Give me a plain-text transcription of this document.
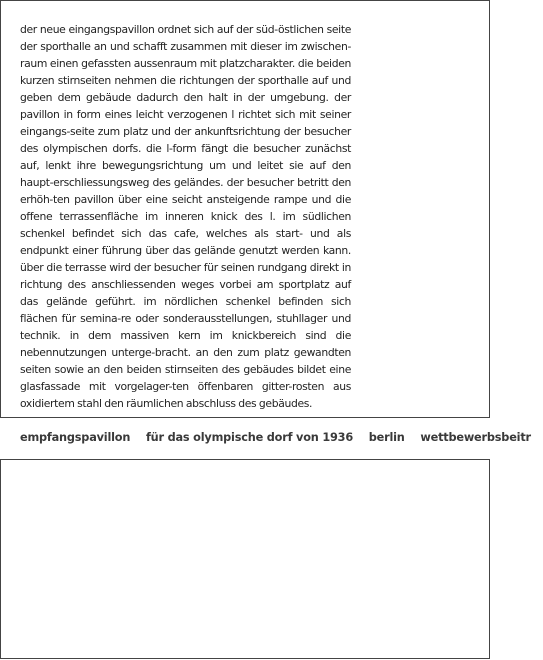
der neue eingangspavillon ordnet sich auf der süd-östlichen seite der sporthalle an und schafft zusammen mit dieser im zwischen-raum einen gefassten aussenraum mit platzcharakter. die beiden kurzen stirnseiten nehmen die richtungen der sporthalle auf und geben dem gebäude dadurch den halt in der umgebung. der pavillon in form eines leicht verzogenen l richtet sich mit seiner eingangs-seite zum platz und der ankunftsrichtung der besucher des olympischen dorfs. die l-form fängt die besucher zunächst auf, lenkt ihre bewegungsrichtung um und leitet sie auf den haupt-erschliessungsweg des geländes. der besucher betritt den erhöh-ten pavillon über eine seicht ansteigende rampe und die offene terrassenfläche im inneren knick des l. im südlichen schenkel befindet sich das cafe, welches als start- und als endpunkt einer führung über das gelände genutzt werden kann. über die terrasse wird der besucher für seinen rundgang direkt in richtung des anschliessenden weges vorbei am sportplatz auf das gelände geführt. im nördlichen schenkel befinden sich flächen für semina-re oder sonderausstellungen, stuhllager und technik. in dem massiven kern im knickbereich sind die nebennutzungen unterge-bracht. an den zum platz gewandten seiten sowie an den beiden stirnseiten des gebäudes bildet eine glasfassade mit vorgelager-ten öffenbaren gitter-rosten aus oxidiertem stahl den räumlichen abschluss des gebäudes.

empfangspavillon für das olympische dorf von 1936 berlin wettbewerbsbeitr
